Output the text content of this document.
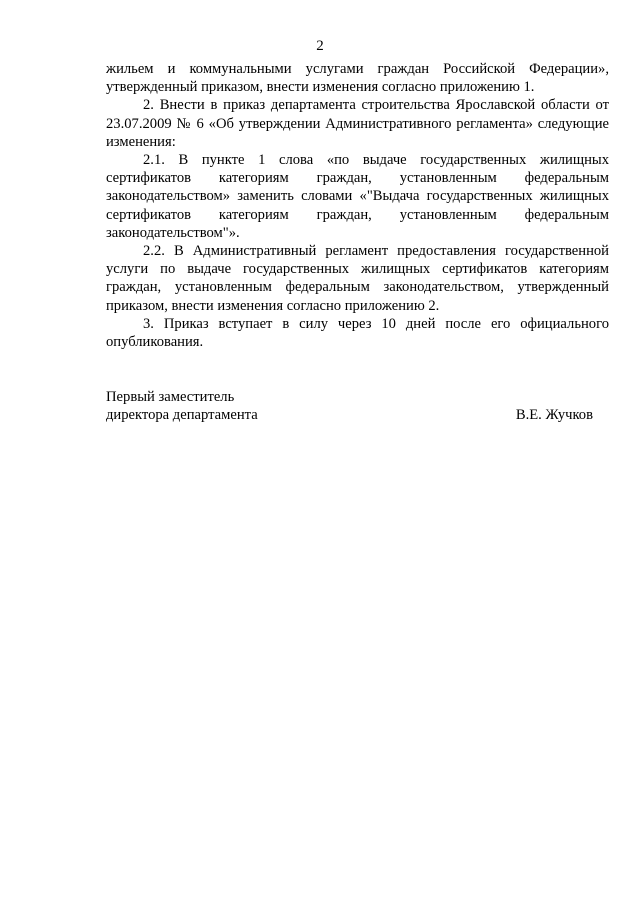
2

жильем и коммунальными услугами граждан Российской Федерации», утвержденный приказом, внести изменения согласно приложению 1.

2. Внести в приказ департамента строительства Ярославской области от 23.07.2009 № 6 «Об утверждении Административного регламента» следующие изменения:

2.1. В пункте 1 слова «по выдаче государственных жилищных сертификатов категориям граждан, установленным федеральным законодательством» заменить словами «"Выдача государственных жилищных сертификатов категориям граждан, установленным федеральным законодательством"».

2.2. В Административный регламент предоставления государственной услуги по выдаче государственных жилищных сертификатов категориям граждан, установленным федеральным законодательством, утвержденный приказом, внести изменения согласно приложению 2.

3. Приказ вступает в силу через 10 дней после его официального опубликования.

Первый заместитель
директора департамента	В.Е. Жучков
